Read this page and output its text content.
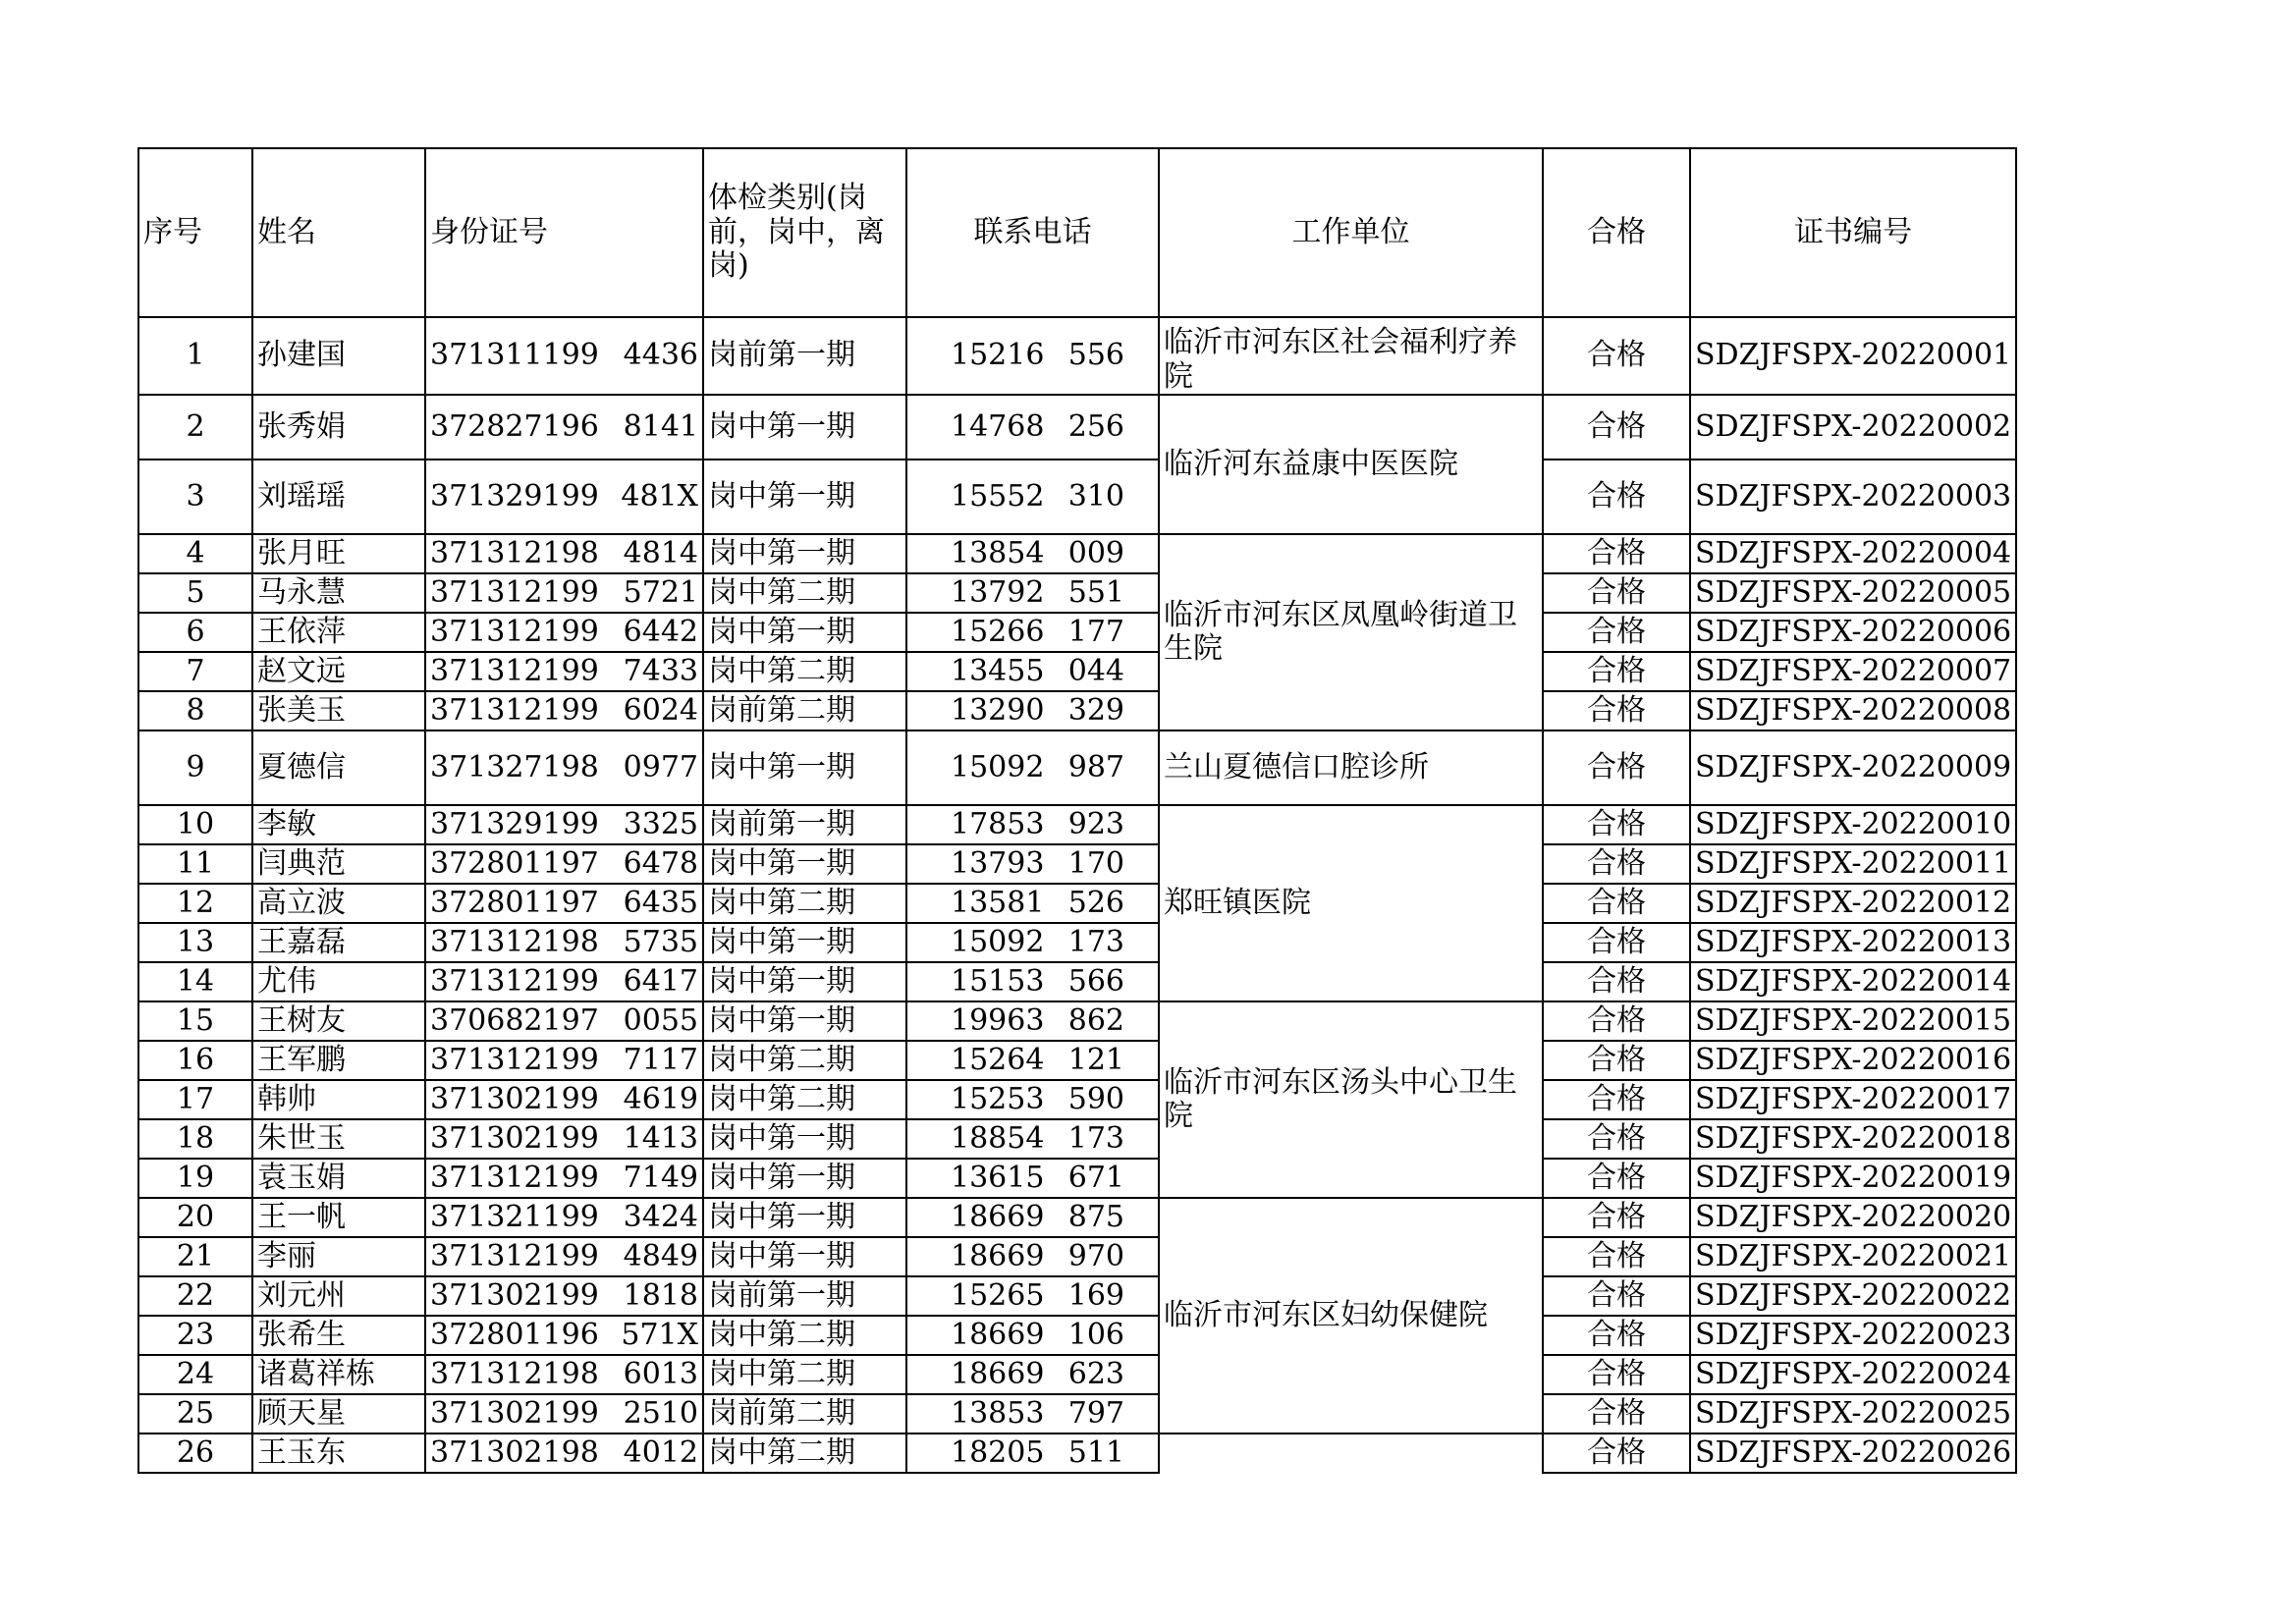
序号	姓名	身份证号	体检类别(岗前，岗中，离岗)	联系电话	工作单位	合格	证书编号
1	孙建国	371311199 4436	岗前第一期	15216 556	临沂市河东区社会福利疗养院	合格	SDZJFSPX-20220001
2	张秀娟	372827196 8141	岗中第一期	14768 256	临沂河东益康中医医院	合格	SDZJFSPX-20220002
3	刘瑶瑶	371329199 481X	岗中第一期	15552 310		合格	SDZJFSPX-20220003
4	张月旺	371312198 4814	岗中第一期	13854 009	临沂市河东区凤凰岭街道卫生院	合格	SDZJFSPX-20220004
5	马永慧	371312199 5721	岗中第二期	13792 551		合格	SDZJFSPX-20220005
6	王依萍	371312199 6442	岗中第一期	15266 177		合格	SDZJFSPX-20220006
7	赵文远	371312199 7433	岗中第二期	13455 044		合格	SDZJFSPX-20220007
8	张美玉	371312199 6024	岗前第二期	13290 329		合格	SDZJFSPX-20220008
9	夏德信	371327198 0977	岗中第一期	15092 987	兰山夏德信口腔诊所	合格	SDZJFSPX-20220009
10	李敏	371329199 3325	岗前第一期	17853 923	郑旺镇医院	合格	SDZJFSPX-20220010
11	闫典范	372801197 6478	岗中第一期	13793 170		合格	SDZJFSPX-20220011
12	高立波	372801197 6435	岗中第二期	13581 526		合格	SDZJFSPX-20220012
13	王嘉磊	371312198 5735	岗中第一期	15092 173		合格	SDZJFSPX-20220013
14	尤伟	371312199 6417	岗中第一期	15153 566		合格	SDZJFSPX-20220014
15	王树友	370682197 0055	岗中第一期	19963 862	临沂市河东区汤头中心卫生院	合格	SDZJFSPX-20220015
16	王军鹏	371312199 7117	岗中第二期	15264 121		合格	SDZJFSPX-20220016
17	韩帅	371302199 4619	岗中第二期	15253 590		合格	SDZJFSPX-20220017
18	朱世玉	371302199 1413	岗中第一期	18854 173		合格	SDZJFSPX-20220018
19	袁玉娟	371312199 7149	岗中第一期	13615 671		合格	SDZJFSPX-20220019
20	王一帆	371321199 3424	岗中第一期	18669 875	临沂市河东区妇幼保健院	合格	SDZJFSPX-20220020
21	李丽	371312199 4849	岗中第一期	18669 970		合格	SDZJFSPX-20220021
22	刘元州	371302199 1818	岗前第一期	15265 169		合格	SDZJFSPX-20220022
23	张希生	372801196 571X	岗中第二期	18669 106		合格	SDZJFSPX-20220023
24	诸葛祥栋	371312198 6013	岗中第二期	18669 623		合格	SDZJFSPX-20220024
25	顾天星	371302199 2510	岗前第二期	13853 797		合格	SDZJFSPX-20220025
26	王玉东	371302198 4012	岗中第二期	18205 511		合格	SDZJFSPX-20220026
